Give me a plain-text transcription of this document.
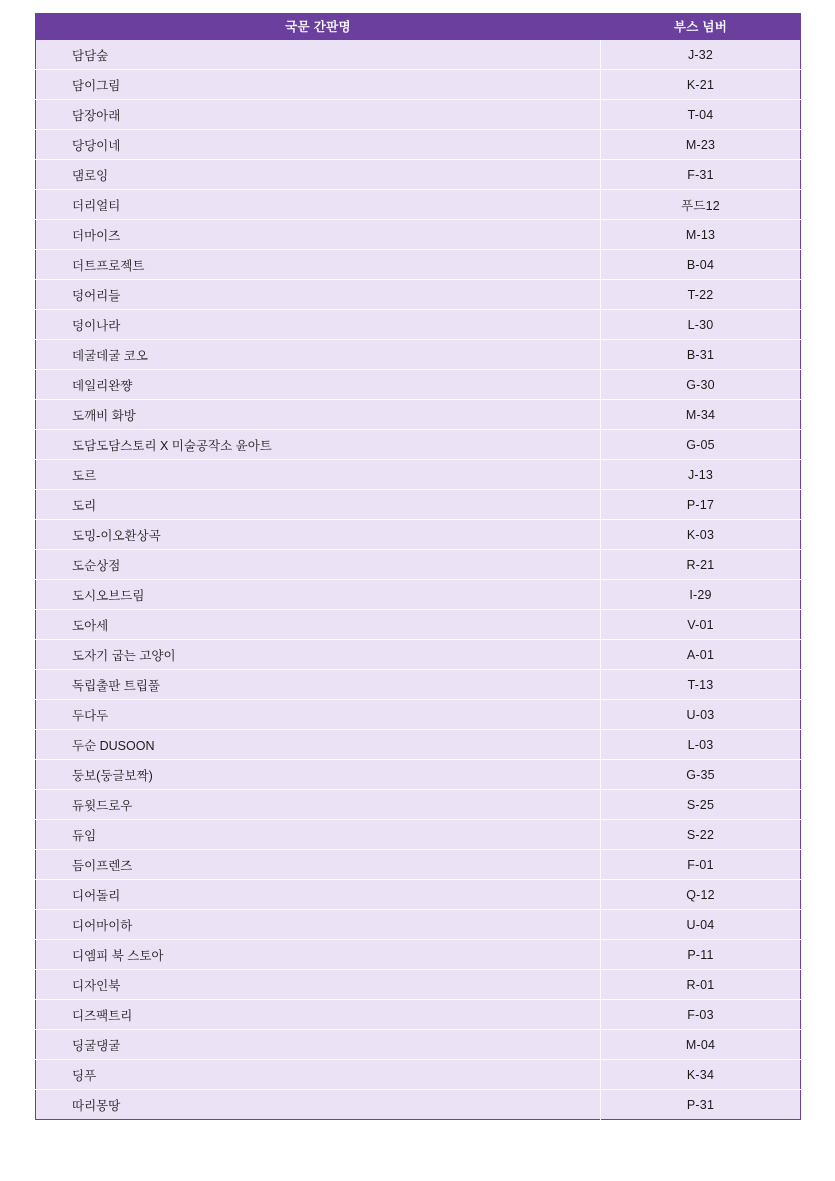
국문 간판명	부스 넘버
담담숲	J-32
담이그림	K-21
담장아래	T-04
당당이네	M-23
댐로잉	F-31
더리얼티	푸드12
더마이즈	M-13
더트프로젝트	B-04
덩어리들	T-22
덩이나라	L-30
데굴데굴 코오	B-31
데일리완쨩	G-30
도깨비 화방	M-34
도담도담스토리 X 미술공작소 윤아트	G-05
도르	J-13
도리	P-17
도밍-이오환상곡	K-03
도순상점	R-21
도시오브드림	I-29
도아세	V-01
도자기 굽는 고양이	A-01
독립출판 트립풀	T-13
두다두	U-03
두순 DUSOON	L-03
둥보(둥글보짝)	G-35
듀윗드로우	S-25
듀임	S-22
듬이프렌즈	F-01
디어돌리	Q-12
디어마이하	U-04
디엠피 북 스토아	P-11
디자인북	R-01
디즈팩트리	F-03
딩굴댕굴	M-04
딩푸	K-34
따리몽땅	P-31
